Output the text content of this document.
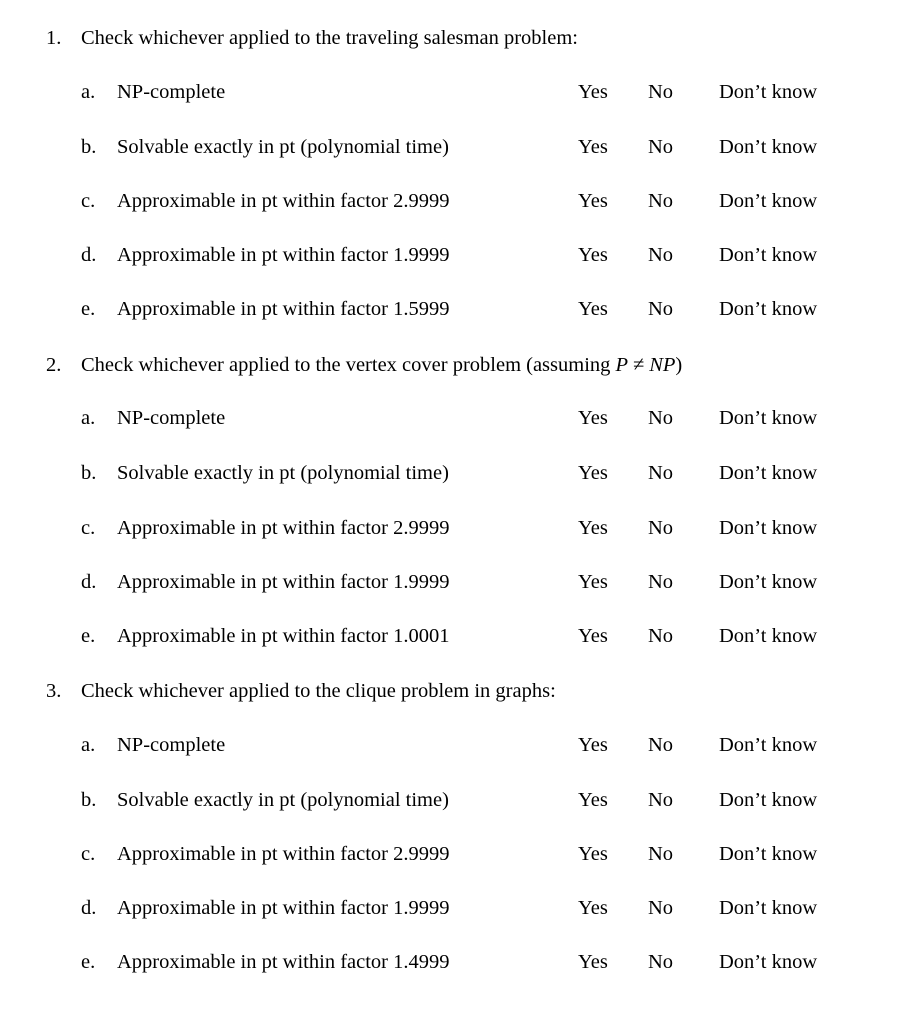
1. Check whichever applied to the traveling salesman problem:
a. NP-complete	Yes No Don’t know
b. Solvable exactly in pt (polynomial time)	Yes No Don’t know
c. Approximable in pt within factor 2.9999	Yes No Don’t know
d. Approximable in pt within factor 1.9999	Yes No Don’t know
e. Approximable in pt within factor 1.5999	Yes No Don’t know
2. Check whichever applied to the vertex cover problem (assuming P ≠ NP)
a. NP-complete	Yes No Don’t know
b. Solvable exactly in pt (polynomial time)	Yes No Don’t know
c. Approximable in pt within factor 2.9999	Yes No Don’t know
d. Approximable in pt within factor 1.9999	Yes No Don’t know
e. Approximable in pt within factor 1.0001	Yes No Don’t know
3. Check whichever applied to the clique problem in graphs:
a. NP-complete	Yes No Don’t know
b. Solvable exactly in pt (polynomial time)	Yes No Don’t know
c. Approximable in pt within factor 2.9999	Yes No Don’t know
d. Approximable in pt within factor 1.9999	Yes No Don’t know
e. Approximable in pt within factor 1.4999	Yes No Don’t know
